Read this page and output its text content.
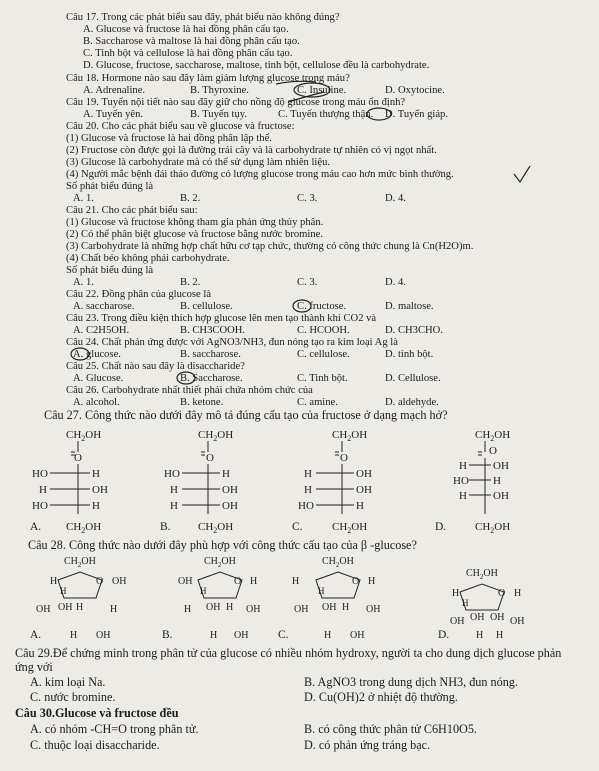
Câu 17. Trong các phát biểu sau đây, phát biểu nào không đúng?
A. Glucose và fructose là hai đồng phân cấu tạo.
B. Saccharose và maltose là hai đồng phân cấu tạo.
C. Tinh bột và cellulose là hai đồng phân cấu tạo.
D. Glucose, fructose, saccharose, maltose, tinh bột, cellulose đều là carbohydrate.
Câu 18. Hormone nào sau đây làm giảm lượng glucose trong máu?
A. Adrenaline.	B. Thyroxine.	C. Insuline.	D. Oxytocine.
Câu 19. Tuyến nội tiết nào sau đây giữ cho nồng độ glucose trong máu ổn định?
A. Tuyến yên.	B. Tuyến tụy.	C. Tuyến thượng thận. D. Tuyến giáp.
Câu 20. Cho các phát biểu sau về glucose và fructose:
(1) Glucose và fructose là hai đồng phân lập thể.
(2) Fructose còn được gọi là đường trái cây và là carbohydrate tự nhiên có vị ngọt nhất.
(3) Glucose là carbohydrate mà cỏ thể sử dụng làm nhiên liệu.
(4) Người mắc bệnh đái tháo đường có lượng glucose trong máu cao hơn mức bình thường.
Số phát biểu đúng là
A. 1.	B. 2.	C. 3.	D. 4.
Câu 21. Cho các phát biểu sau:
(1) Glucose và fructose không tham gia phản ứng thủy phân.
(2) Có thể phân biệt glucose và fructose bằng nước bromine.
(3) Carbohydrate là những hợp chất hữu cơ tạp chức, thường có công thức chung là Cn(H2O)m.
(4) Chất béo không phải carbohydrate.
Số phát biểu đúng là
A. 1.	B. 2.	C. 3.	D. 4.
Câu 22. Đồng phân của glucose là
A. saccharose.	B. cellulose.	C. fructose.	D. maltose.
Câu 23. Trong điều kiện thích hợp glucose lên men tạo thành khí CO2 và
A. C2H5OH.	B. CH3COOH.	C. HCOOH.	D. CH3CHO.
Câu 24. Chất phản ứng được với AgNO3/NH3, đun nóng tạo ra kim loại Ag là
A. glucose.	B. saccharose.	C. cellulose.	D. tinh bột.
Câu 25. Chất nào sau đây là disaccharide?
A. Glucose.	B. Saccharose.	C. Tinh bột.	D. Cellulose.
Câu 26. Carbohydrate nhất thiết phải chứa nhóm chức của
A. alcohol.	B. ketone.	C. amine.	D. aldehyde.
Câu 27. Công thức nào dưới đây mô tả đúng cấu tạo của fructose ở dạng mạch hở?
$CH_2OH$
O
HO	H
H	OH
HO	H
A. $CH_2OH$
$CH_2OH$
O
HO	H
H	OH
H	OH
B. $CH_2OH$
$CH_2OH$
O
H	OH
H	OH
HO	H
C.	$CH_2OH$
$CH_2OH$
O
H OH
HO H
H OH
D.	$CH_2OH$
Câu 28. Công thức nào dưới đây phù hợp với công thức cấu tạo của β -glucose?
$CH_2OH$
O OH
H
H
OH H
OH	H
A.	H OH
$CH_2OH$
O H
OH
H
OH H
H	OH
B.	H OH
$CH_2OH$
O H
H
H
OH H
OH	OH
C.	H OH
$CH_2OH$
O H
H
H
OH OH
OH	OH
D.	H H
Câu 29.Để chứng minh trong phân tử của glucose có nhiều nhóm hydroxy, người ta cho dung dịch glucose phản
ứng với
A. kim loại Na.	B. AgNO3 trong dung dịch NH3, đun nóng.
C. nước bromine.	D. Cu(OH)2 ở nhiệt độ thường.
Câu 30.Glucose và fructose đều
A. có nhóm -CH=O trong phân tử.	B. có công thức phân tử C6H10O5.
C. thuộc loại disaccharide.	D. có phản ứng tráng bạc.
